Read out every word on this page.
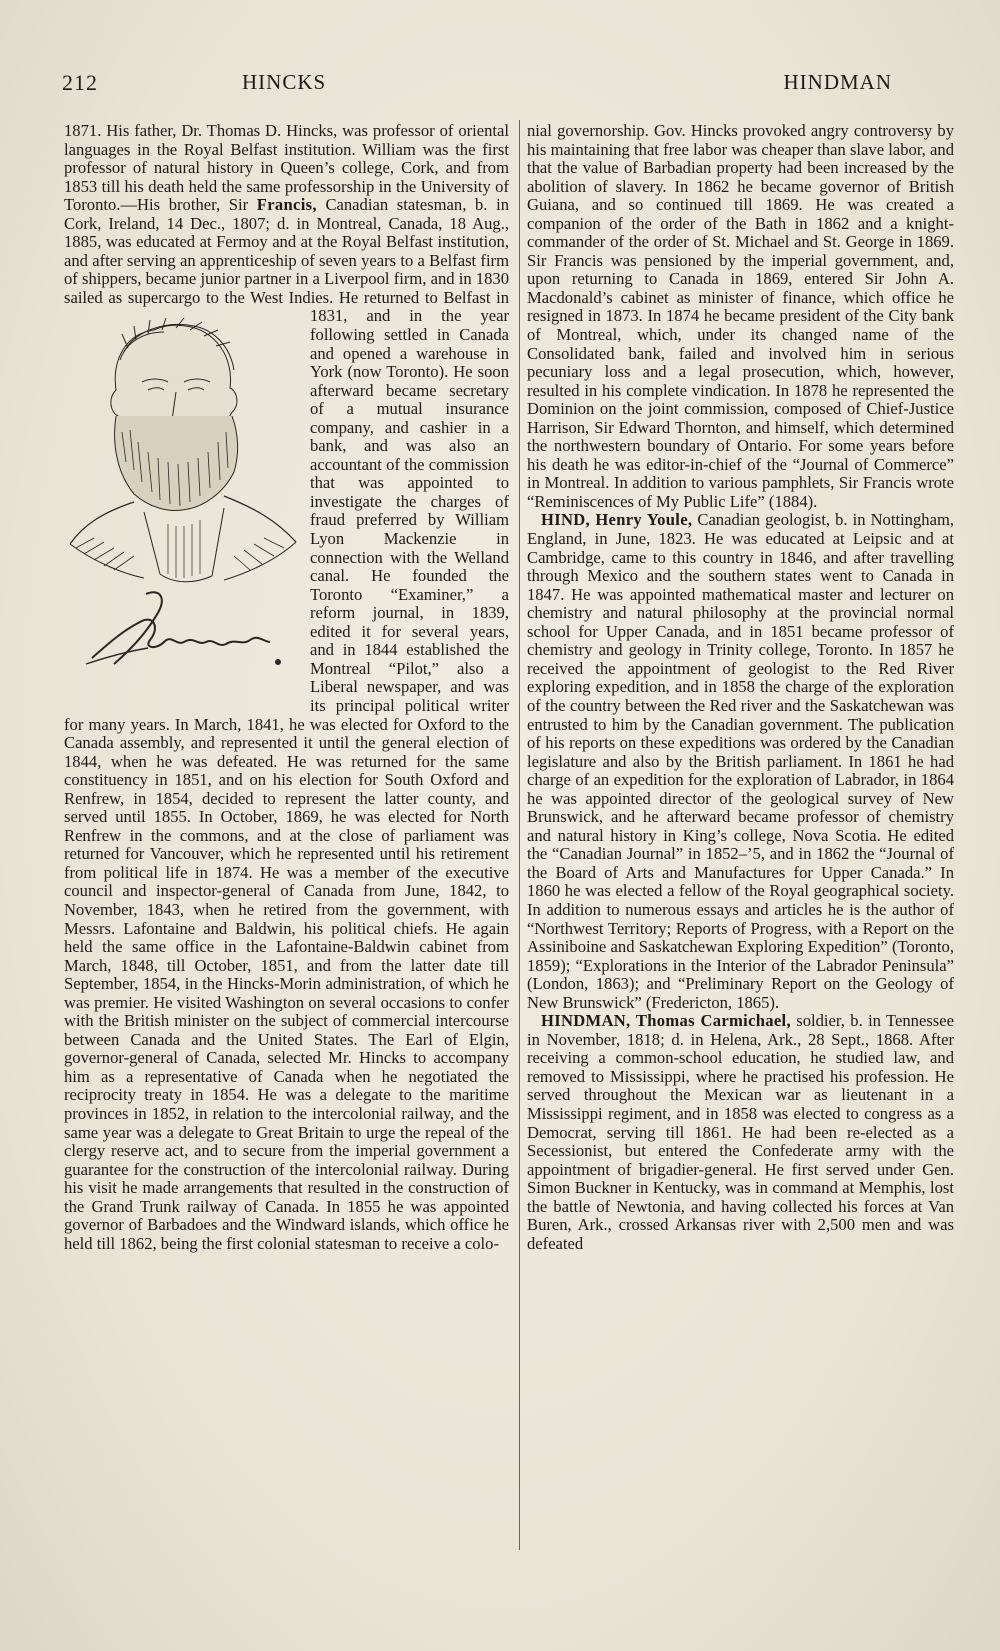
212	HINCKS	HINDMAN

1871. His father, Dr. Thomas D. Hincks, was professor of oriental languages in the Royal Belfast institution. William was the first professor of natural history in Queen’s college, Cork, and from 1853 till his death held the same professorship in the University of Toronto.—His brother, Sir Francis, Canadian statesman, b. in Cork, Ireland, 14 Dec., 1807; d. in Montreal, Canada, 18 Aug., 1885, was educated at Fermoy and at the Royal Belfast institution, and after serving an apprenticeship of seven years to a Belfast firm of shippers, became junior partner in a Liverpool firm, and in 1830 sailed as supercargo to the West Indies. He returned to Belfast in 1831, and in the year following settled in Canada and opened a warehouse in York (now Toronto). He soon afterward became secretary of a mutual insurance company, and cashier in a bank, and was also an accountant of the commission that was appointed to investigate the charges of fraud preferred by William Lyon Mackenzie in connection with the Welland canal. He founded the Toronto “Examiner,” a reform journal, in 1839, edited it for several years, and in 1844 established the Montreal “Pilot,” also a Liberal newspaper, and was its principal political writer for many years. In March, 1841, he was elected for Oxford to the Canada assembly, and represented it until the general election of 1844, when he was defeated. He was returned for the same constituency in 1851, and on his election for South Oxford and Renfrew, in 1854, decided to represent the latter county, and served until 1855. In October, 1869, he was elected for North Renfrew in the commons, and at the close of parliament was returned for Vancouver, which he represented until his retirement from political life in 1874. He was a member of the executive council and inspector-general of Canada from June, 1842, to November, 1843, when he retired from the government, with Messrs. Lafontaine and Baldwin, his political chiefs. He again held the same office in the Lafontaine-Baldwin cabinet from March, 1848, till October, 1851, and from the latter date till September, 1854, in the Hincks-Morin administration, of which he was premier. He visited Washington on several occasions to confer with the British minister on the subject of commercial intercourse between Canada and the United States. The Earl of Elgin, governor-general of Canada, selected Mr. Hincks to accompany him as a representative of Canada when he negotiated the reciprocity treaty in 1854. He was a delegate to the maritime provinces in 1852, in relation to the intercolonial railway, and the same year was a delegate to Great Britain to urge the repeal of the clergy reserve act, and to secure from the imperial government a guarantee for the construction of the intercolonial railway. During his visit he made arrangements that resulted in the construction of the Grand Trunk railway of Canada. In 1855 he was appointed governor of Barbadoes and the Windward islands, which office he held till 1862, being the first colonial statesman to receive a colo-

nial governorship. Gov. Hincks provoked angry controversy by his maintaining that free labor was cheaper than slave labor, and that the value of Barbadian property had been increased by the abolition of slavery. In 1862 he became governor of British Guiana, and so continued till 1869. He was created a companion of the order of the Bath in 1862 and a knight-commander of the order of St. Michael and St. George in 1869. Sir Francis was pensioned by the imperial government, and, upon returning to Canada in 1869, entered Sir John A. Macdonald’s cabinet as minister of finance, which office he resigned in 1873. In 1874 he became president of the City bank of Montreal, which, under its changed name of the Consolidated bank, failed and involved him in serious pecuniary loss and a legal prosecution, which, however, resulted in his complete vindication. In 1878 he represented the Dominion on the joint commission, composed of Chief-Justice Harrison, Sir Edward Thornton, and himself, which determined the northwestern boundary of Ontario. For some years before his death he was editor-in-chief of the “Journal of Commerce” in Montreal. In addition to various pamphlets, Sir Francis wrote “Reminiscences of My Public Life” (1884).

HIND, Henry Youle, Canadian geologist, b. in Nottingham, England, in June, 1823. He was educated at Leipsic and at Cambridge, came to this country in 1846, and after travelling through Mexico and the southern states went to Canada in 1847. He was appointed mathematical master and lecturer on chemistry and natural philosophy at the provincial normal school for Upper Canada, and in 1851 became professor of chemistry and geology in Trinity college, Toronto. In 1857 he received the appointment of geologist to the Red River exploring expedition, and in 1858 the charge of the exploration of the country between the Red river and the Saskatchewan was entrusted to him by the Canadian government. The publication of his reports on these expeditions was ordered by the Canadian legislature and also by the British parliament. In 1861 he had charge of an expedition for the exploration of Labrador, in 1864 he was appointed director of the geological survey of New Brunswick, and he afterward became professor of chemistry and natural history in King’s college, Nova Scotia. He edited the “Canadian Journal” in 1852–’5, and in 1862 the “Journal of the Board of Arts and Manufactures for Upper Canada.” In 1860 he was elected a fellow of the Royal geographical society. In addition to numerous essays and articles he is the author of “Northwest Territory; Reports of Progress, with a Report on the Assiniboine and Saskatchewan Exploring Expedition” (Toronto, 1859); “Explorations in the Interior of the Labrador Peninsula” (London, 1863); and “Preliminary Report on the Geology of New Brunswick” (Fredericton, 1865).

HINDMAN, Thomas Carmichael, soldier, b. in Tennessee in November, 1818; d. in Helena, Ark., 28 Sept., 1868. After receiving a common-school education, he studied law, and removed to Mississippi, where he practised his profession. He served throughout the Mexican war as lieutenant in a Mississippi regiment, and in 1858 was elected to congress as a Democrat, serving till 1861. He had been re-elected as a Secessionist, but entered the Confederate army with the appointment of brigadier-general. He first served under Gen. Simon Buckner in Kentucky, was in command at Memphis, lost the battle of Newtonia, and having collected his forces at Van Buren, Ark., crossed Arkansas river with 2,500 men and was defeated
